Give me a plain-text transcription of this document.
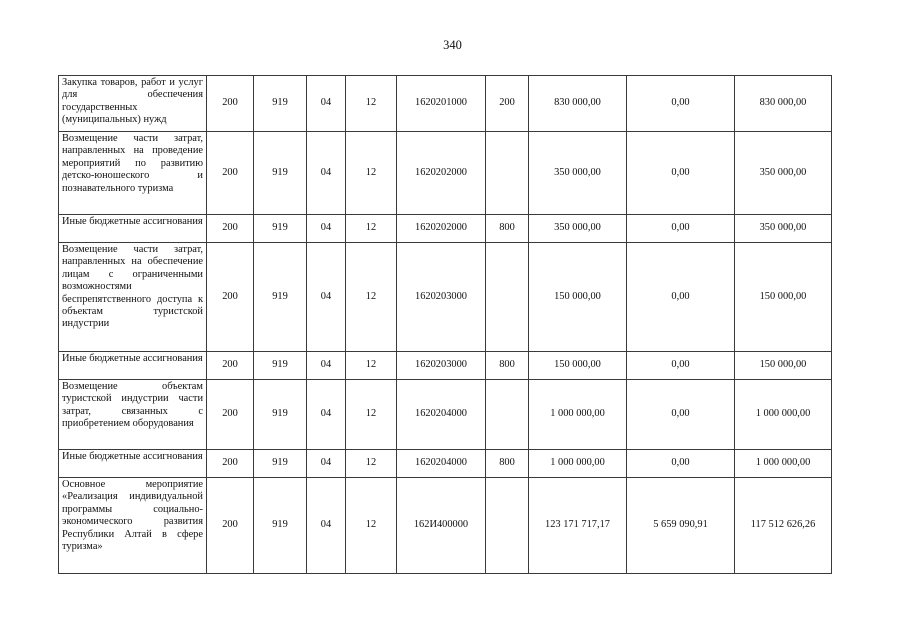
340
Закупка товаров, работ и услуг для обеспечения государственных (муниципальных) нужд	200	919	04	12	1620201000	200	830 000,00	0,00	830 000,00
Возмещение части затрат, направленных на проведение мероприятий по развитию детско-юношеского и познавательного туризма	200	919	04	12	1620202000		350 000,00	0,00	350 000,00
Иные бюджетные ассигнования	200	919	04	12	1620202000	800	350 000,00	0,00	350 000,00
Возмещение части затрат, направленных на обеспечение лицам с ограниченными возможностями беспрепятственного доступа к объектам туристской индустрии	200	919	04	12	1620203000		150 000,00	0,00	150 000,00
Иные бюджетные ассигнования	200	919	04	12	1620203000	800	150 000,00	0,00	150 000,00
Возмещение объектам туристской индустрии части затрат, связанных с приобретением оборудования	200	919	04	12	1620204000		1 000 000,00	0,00	1 000 000,00
Иные бюджетные ассигнования	200	919	04	12	1620204000	800	1 000 000,00	0,00	1 000 000,00
Основное мероприятие «Реализация индивидуальной программы социально-экономического развития Республики Алтай в сфере туризма»	200	919	04	12	162И400000		123 171 717,17	5 659 090,91	117 512 626,26
